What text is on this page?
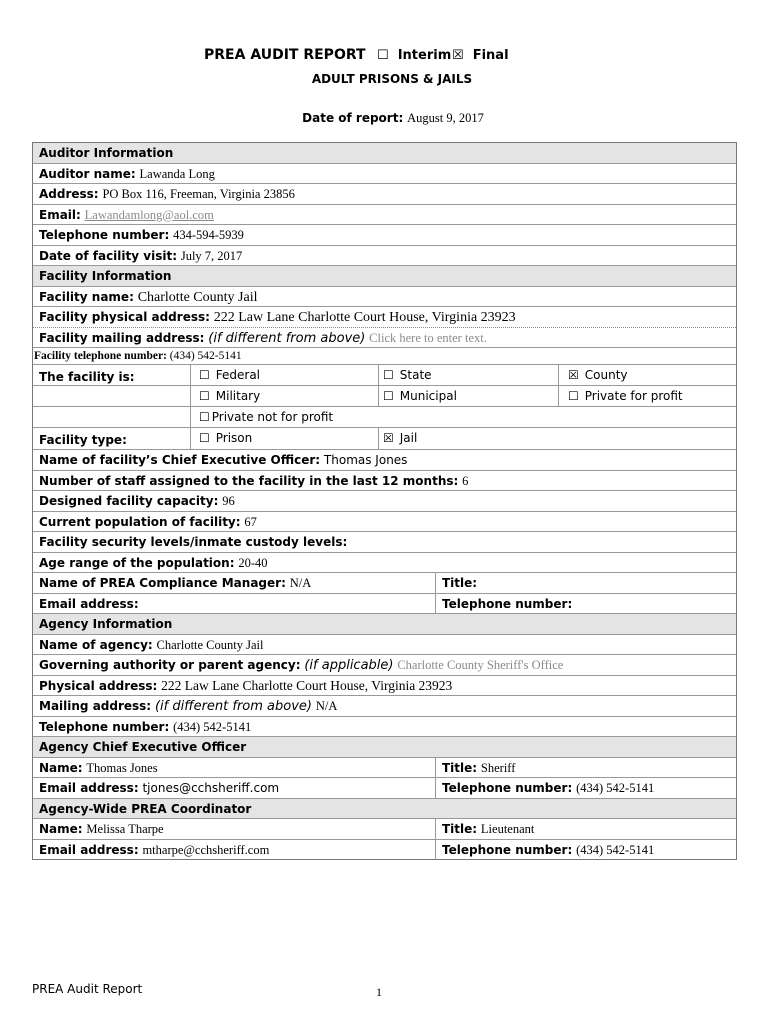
PREA AUDIT REPORT ☐ Interim ☒ Final
ADULT PRISONS & JAILS
Date of report: August 9, 2017
Auditor Information
Auditor name: Lawanda Long
Address: PO Box 116, Freeman, Virginia 23856
Email: Lawandamlong@aol.com
Telephone number: 434-594-5939
Date of facility visit: July 7, 2017
Facility Information
Facility name: Charlotte County Jail
Facility physical address: 222 Law Lane Charlotte Court House, Virginia 23923
Facility mailing address: (if different from above) Click here to enter text.
Facility telephone number: (434) 542-5141
The facility is:	☐ Federal	☐ State	☒ County
☐ Military	☐ Municipal	☐ Private for profit
☐ Private not for profit
Facility type:	☐ Prison	☒ Jail
Name of facility’s Chief Executive Officer: Thomas Jones
Number of staff assigned to the facility in the last 12 months: 6
Designed facility capacity: 96
Current population of facility: 67
Facility security levels/inmate custody levels:
Age range of the population: 20-40
Name of PREA Compliance Manager: N/A	Title:
Email address:	Telephone number:
Agency Information
Name of agency: Charlotte County Jail
Governing authority or parent agency: (if applicable) Charlotte County Sheriff's Office
Physical address: 222 Law Lane Charlotte Court House, Virginia 23923
Mailing address: (if different from above) N/A
Telephone number: (434) 542-5141
Agency Chief Executive Officer
Name: Thomas Jones	Title: Sheriff
Email address: tjones@cchsheriff.com	Telephone number: (434) 542-5141
Agency-Wide PREA Coordinator
Name: Melissa Tharpe	Title: Lieutenant
Email address: mtharpe@cchsheriff.com	Telephone number: (434) 542-5141
PREA Audit Report	1
